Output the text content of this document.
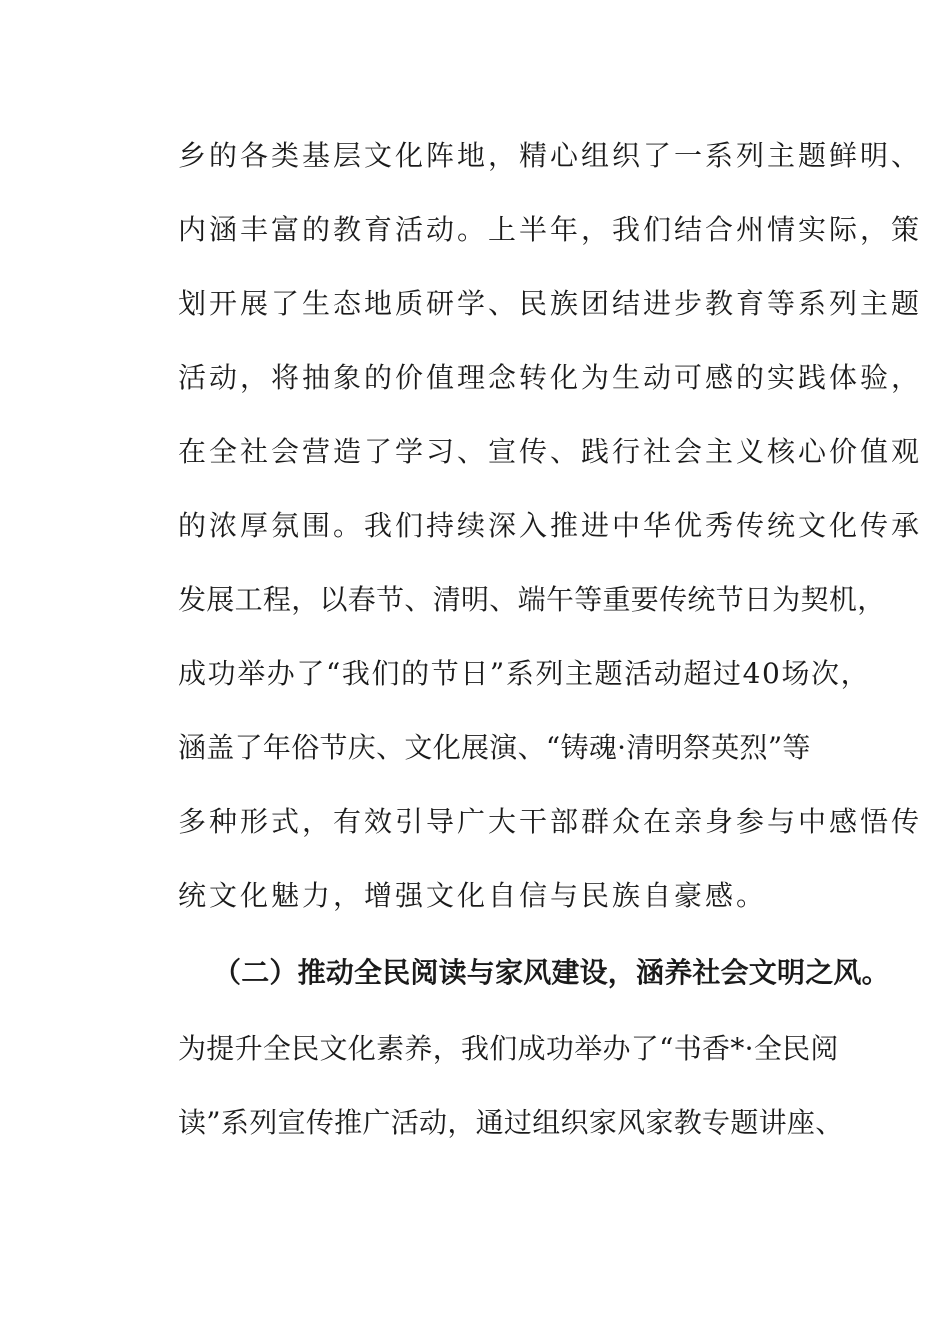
乡的各类基层文化阵地，精心组织了一系列主题鲜明、
内涵丰富的教育活动。上半年，我们结合州情实际，策
划开展了生态地质研学、民族团结进步教育等系列主题
活动，将抽象的价值理念转化为生动可感的实践体验，
在全社会营造了学习、宣传、践行社会主义核心价值观
的浓厚氛围。我们持续深入推进中华优秀传统文化传承
发展工程，以春节、清明、端午等重要传统节日为契机，
成功举办了“我们的节日”系列主题活动超过40场次，
涵盖了年俗节庆、文化展演、“铸魂·清明祭英烈”等
多种形式，有效引导广大干部群众在亲身参与中感悟传
统文化魅力，增强文化自信与民族自豪感。
（二）推动全民阅读与家风建设，涵养社会文明之风。
为提升全民文化素养，我们成功举办了“书香*·全民阅
读”系列宣传推广活动，通过组织家风家教专题讲座、
